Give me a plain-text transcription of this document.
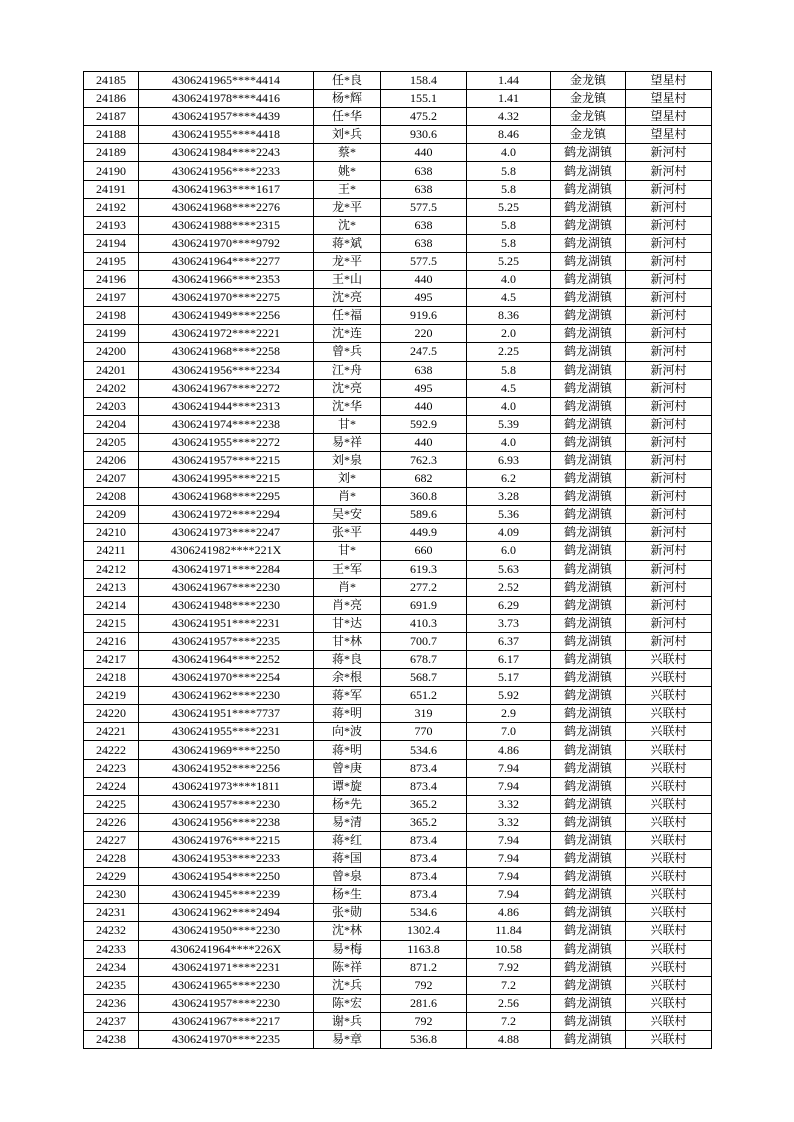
24185	4306241965****4414	任*良	158.4	1.44	金龙镇	望星村
24186	4306241978****4416	杨*辉	155.1	1.41	金龙镇	望星村
24187	4306241957****4439	任*华	475.2	4.32	金龙镇	望星村
24188	4306241955****4418	刘*兵	930.6	8.46	金龙镇	望星村
24189	4306241984****2243	蔡*	440	4.0	鹤龙湖镇	新河村
24190	4306241956****2233	姚*	638	5.8	鹤龙湖镇	新河村
24191	4306241963****1617	王*	638	5.8	鹤龙湖镇	新河村
24192	4306241968****2276	龙*平	577.5	5.25	鹤龙湖镇	新河村
24193	4306241988****2315	沈*	638	5.8	鹤龙湖镇	新河村
24194	4306241970****9792	蒋*斌	638	5.8	鹤龙湖镇	新河村
24195	4306241964****2277	龙*平	577.5	5.25	鹤龙湖镇	新河村
24196	4306241966****2353	王*山	440	4.0	鹤龙湖镇	新河村
24197	4306241970****2275	沈*亮	495	4.5	鹤龙湖镇	新河村
24198	4306241949****2256	任*福	919.6	8.36	鹤龙湖镇	新河村
24199	4306241972****2221	沈*连	220	2.0	鹤龙湖镇	新河村
24200	4306241968****2258	曾*兵	247.5	2.25	鹤龙湖镇	新河村
24201	4306241956****2234	江*舟	638	5.8	鹤龙湖镇	新河村
24202	4306241967****2272	沈*亮	495	4.5	鹤龙湖镇	新河村
24203	4306241944****2313	沈*华	440	4.0	鹤龙湖镇	新河村
24204	4306241974****2238	甘*	592.9	5.39	鹤龙湖镇	新河村
24205	4306241955****2272	易*祥	440	4.0	鹤龙湖镇	新河村
24206	4306241957****2215	刘*泉	762.3	6.93	鹤龙湖镇	新河村
24207	4306241995****2215	刘*	682	6.2	鹤龙湖镇	新河村
24208	4306241968****2295	肖*	360.8	3.28	鹤龙湖镇	新河村
24209	4306241972****2294	吴*安	589.6	5.36	鹤龙湖镇	新河村
24210	4306241973****2247	张*平	449.9	4.09	鹤龙湖镇	新河村
24211	4306241982****221X	甘*	660	6.0	鹤龙湖镇	新河村
24212	4306241971****2284	王*军	619.3	5.63	鹤龙湖镇	新河村
24213	4306241967****2230	肖*	277.2	2.52	鹤龙湖镇	新河村
24214	4306241948****2230	肖*亮	691.9	6.29	鹤龙湖镇	新河村
24215	4306241951****2231	甘*达	410.3	3.73	鹤龙湖镇	新河村
24216	4306241957****2235	甘*林	700.7	6.37	鹤龙湖镇	新河村
24217	4306241964****2252	蒋*良	678.7	6.17	鹤龙湖镇	兴联村
24218	4306241970****2254	余*根	568.7	5.17	鹤龙湖镇	兴联村
24219	4306241962****2230	蒋*军	651.2	5.92	鹤龙湖镇	兴联村
24220	4306241951****7737	蒋*明	319	2.9	鹤龙湖镇	兴联村
24221	4306241955****2231	向*波	770	7.0	鹤龙湖镇	兴联村
24222	4306241969****2250	蒋*明	534.6	4.86	鹤龙湖镇	兴联村
24223	4306241952****2256	曾*庚	873.4	7.94	鹤龙湖镇	兴联村
24224	4306241973****1811	谭*旋	873.4	7.94	鹤龙湖镇	兴联村
24225	4306241957****2230	杨*先	365.2	3.32	鹤龙湖镇	兴联村
24226	4306241956****2238	易*清	365.2	3.32	鹤龙湖镇	兴联村
24227	4306241976****2215	蒋*红	873.4	7.94	鹤龙湖镇	兴联村
24228	4306241953****2233	蒋*国	873.4	7.94	鹤龙湖镇	兴联村
24229	4306241954****2250	曾*泉	873.4	7.94	鹤龙湖镇	兴联村
24230	4306241945****2239	杨*生	873.4	7.94	鹤龙湖镇	兴联村
24231	4306241962****2494	张*勋	534.6	4.86	鹤龙湖镇	兴联村
24232	4306241950****2230	沈*林	1302.4	11.84	鹤龙湖镇	兴联村
24233	4306241964****226X	易*梅	1163.8	10.58	鹤龙湖镇	兴联村
24234	4306241971****2231	陈*祥	871.2	7.92	鹤龙湖镇	兴联村
24235	4306241965****2230	沈*兵	792	7.2	鹤龙湖镇	兴联村
24236	4306241957****2230	陈*宏	281.6	2.56	鹤龙湖镇	兴联村
24237	4306241967****2217	谢*兵	792	7.2	鹤龙湖镇	兴联村
24238	4306241970****2235	易*章	536.8	4.88	鹤龙湖镇	兴联村
